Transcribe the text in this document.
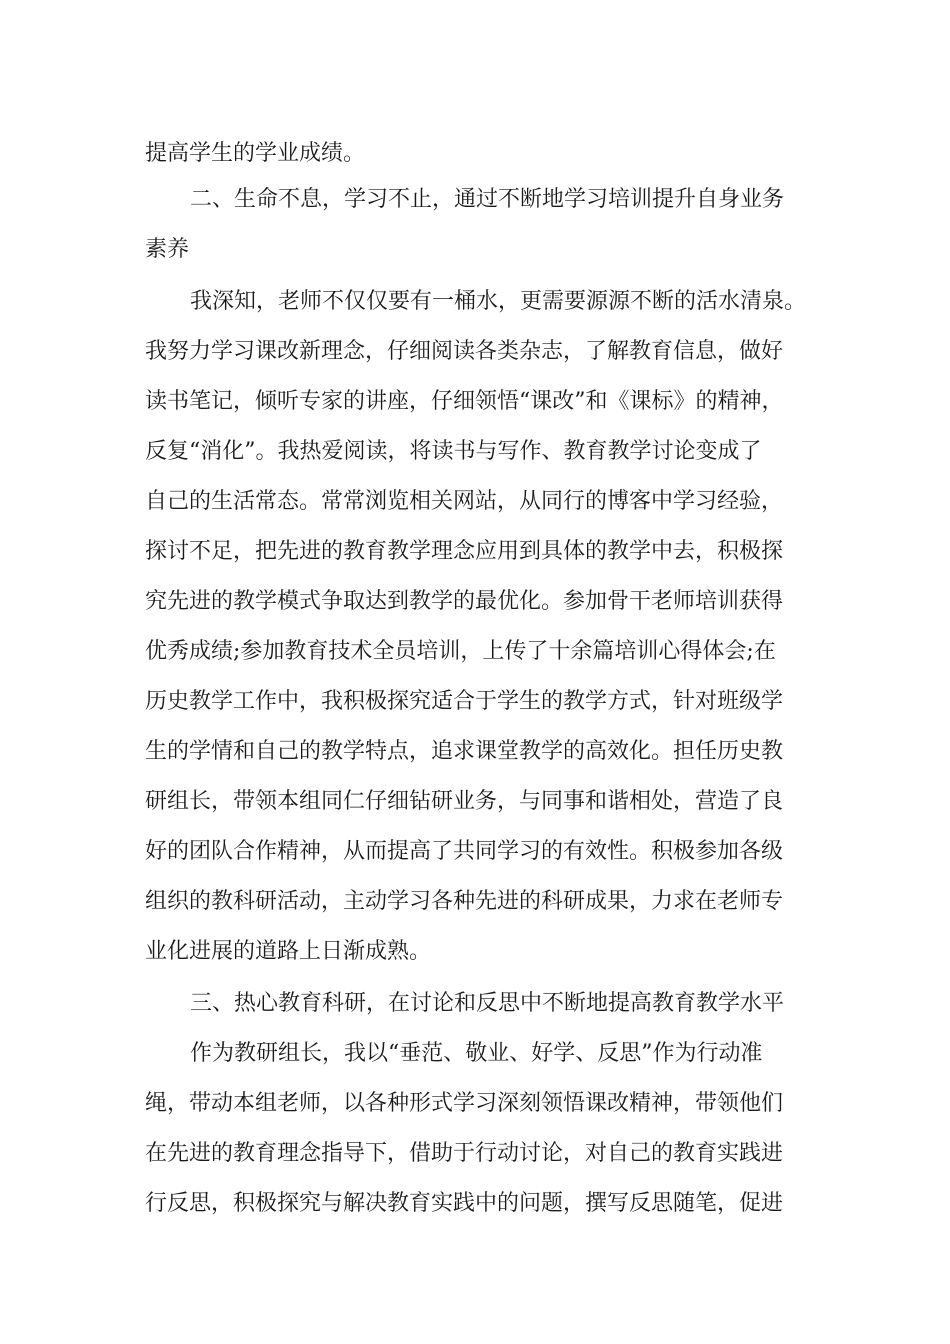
提高学生的学业成绩。
二、生命不息，学习不止，通过不断地学习培训提升自身业务
素养
我深知，老师不仅仅要有一桶水，更需要源源不断的活水清泉。
我努力学习课改新理念，仔细阅读各类杂志，了解教育信息，做好
读书笔记，倾听专家的讲座，仔细领悟“课改”和《课标》的精神，
反复“消化”。我热爱阅读，将读书与写作、教育教学讨论变成了
自己的生活常态。常常浏览相关网站，从同行的博客中学习经验，
探讨不足，把先进的教育教学理念应用到具体的教学中去，积极探
究先进的教学模式争取达到教学的最优化。参加骨干老师培训获得
优秀成绩;参加教育技术全员培训，上传了十余篇培训心得体会;在
历史教学工作中，我积极探究适合于学生的教学方式，针对班级学
生的学情和自己的教学特点，追求课堂教学的高效化。担任历史教
研组长，带领本组同仁仔细钻研业务，与同事和谐相处，营造了良
好的团队合作精神，从而提高了共同学习的有效性。积极参加各级
组织的教科研活动，主动学习各种先进的科研成果，力求在老师专
业化进展的道路上日渐成熟。
三、热心教育科研，在讨论和反思中不断地提高教育教学水平
作为教研组长，我以“垂范、敬业、好学、反思”作为行动准
绳，带动本组老师，以各种形式学习深刻领悟课改精神，带领他们
在先进的教育理念指导下，借助于行动讨论，对自己的教育实践进
行反思，积极探究与解决教育实践中的问题，撰写反思随笔，促进
